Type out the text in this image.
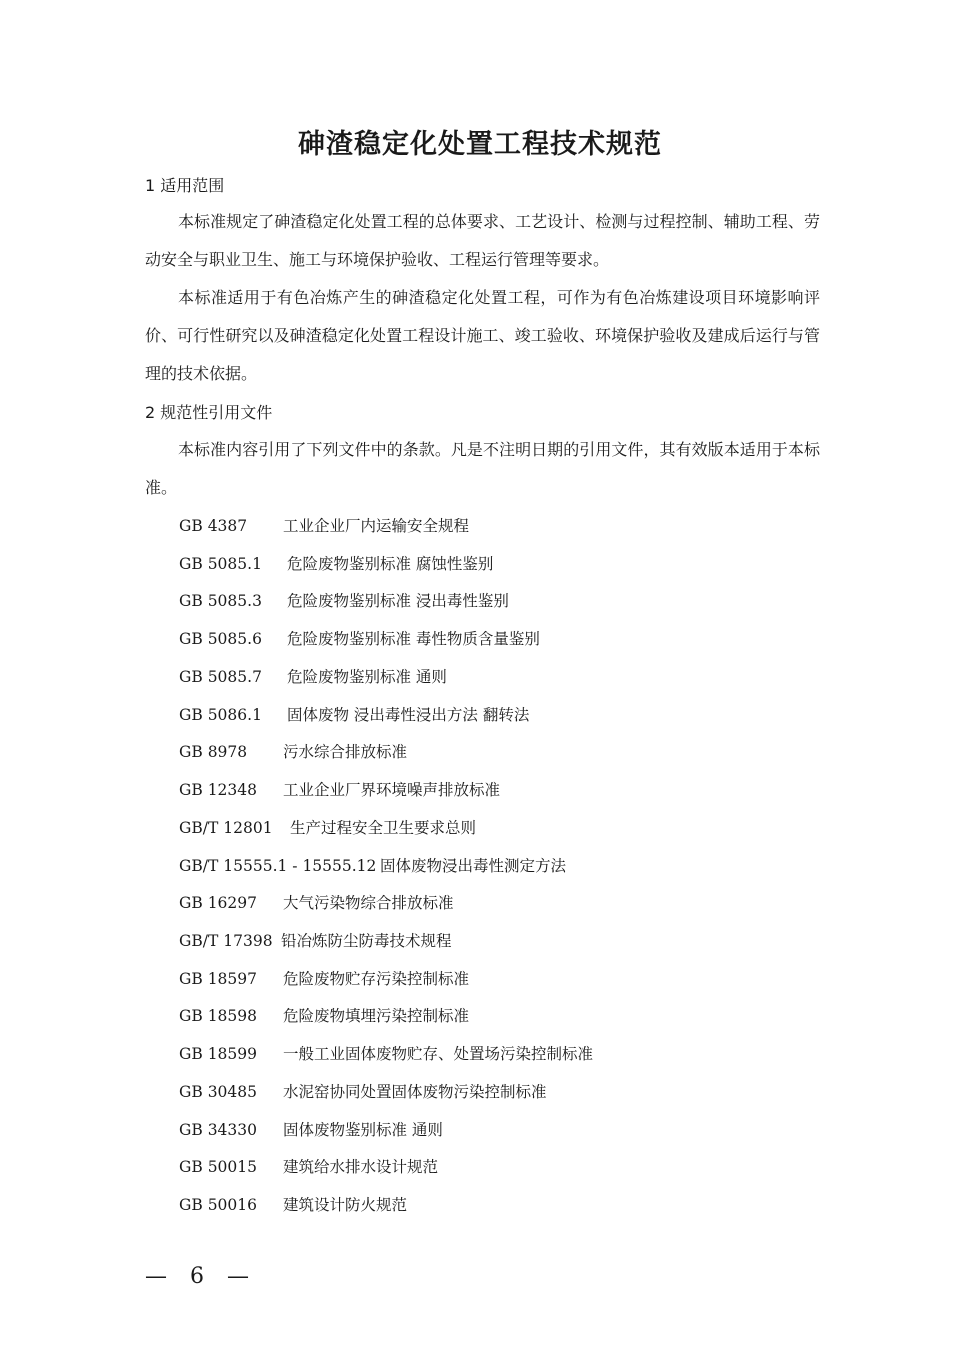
砷渣稳定化处置工程技术规范
1 适用范围

本标准规定了砷渣稳定化处置工程的总体要求、工艺设计、检测与过程控制、辅助工程、劳动安全与职业卫生、施工与环境保护验收、工程运行管理等要求。

本标准适用于有色冶炼产生的砷渣稳定化处置工程，可作为有色冶炼建设项目环境影响评价、可行性研究以及砷渣稳定化处置工程设计施工、竣工验收、环境保护验收及建成后运行与管理的技术依据。

2 规范性引用文件

本标准内容引用了下列文件中的条款。凡是不注明日期的引用文件，其有效版本适用于本标准。

GB 4387 工业企业厂内运输安全规程
GB 5085.1 危险废物鉴别标准 腐蚀性鉴别
GB 5085.3 危险废物鉴别标准 浸出毒性鉴别
GB 5085.6 危险废物鉴别标准 毒性物质含量鉴别
GB 5085.7 危险废物鉴别标准 通则
GB 5086.1 固体废物 浸出毒性浸出方法 翻转法
GB 8978 污水综合排放标准
GB 12348 工业企业厂界环境噪声排放标准
GB/T 12801 生产过程安全卫生要求总则
GB/T 15555.1 - 15555.12 固体废物浸出毒性测定方法
GB 16297 大气污染物综合排放标准
GB/T 17398 铅冶炼防尘防毒技术规程
GB 18597 危险废物贮存污染控制标准
GB 18598 危险废物填埋污染控制标准
GB 18599 一般工业固体废物贮存、处置场污染控制标准
GB 30485 水泥窑协同处置固体废物污染控制标准
GB 34330 固体废物鉴别标准 通则
GB 50015 建筑给水排水设计规范
GB 50016 建筑设计防火规范
— 6 —
